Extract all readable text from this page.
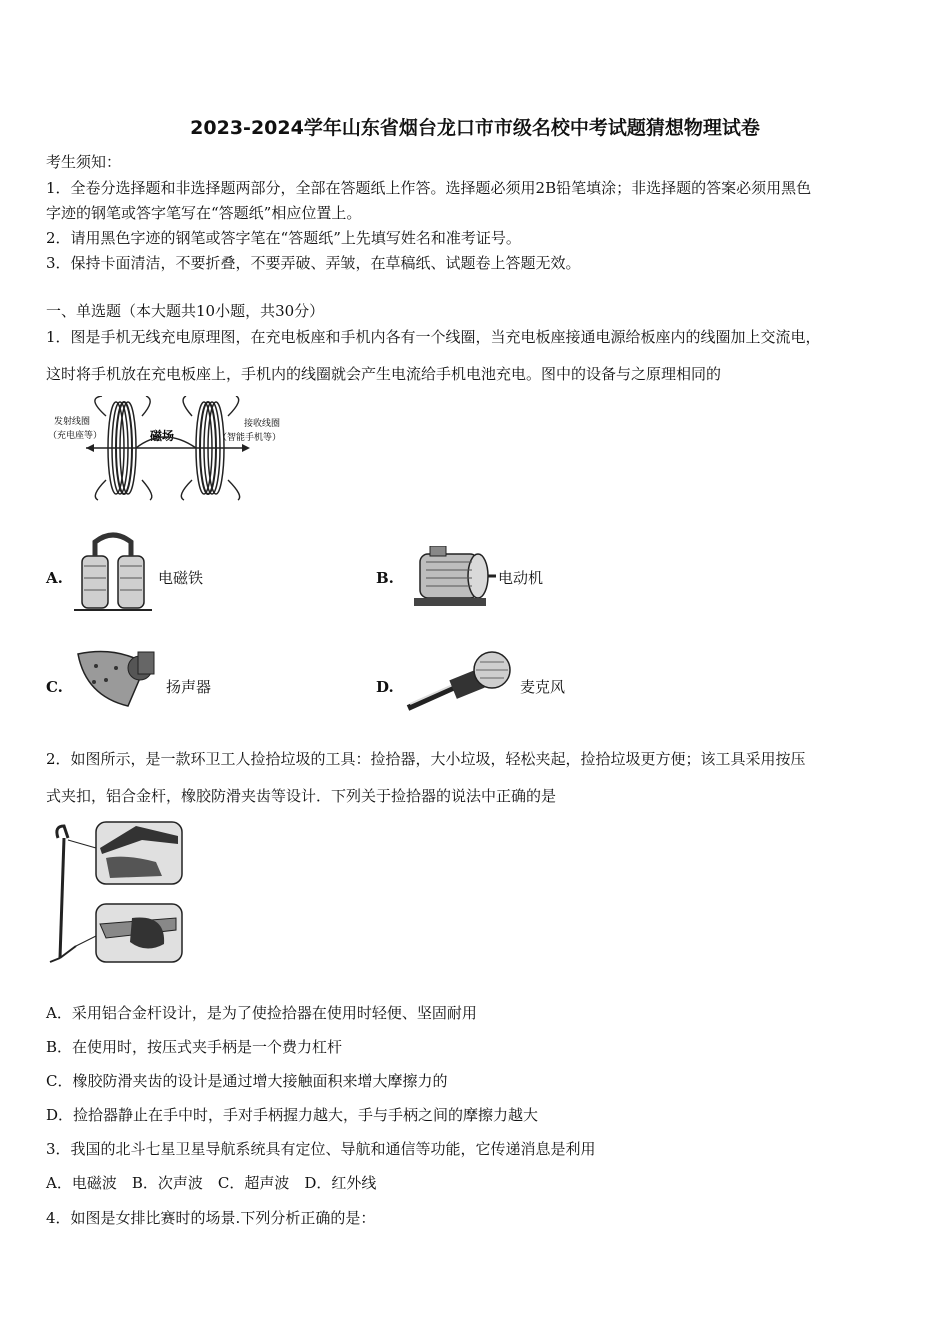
2023-2024学年山东省烟台龙口市市级名校中考试题猜想物理试卷
考生须知：
1．全卷分选择题和非选择题两部分，全部在答题纸上作答。选择题必须用2B铅笔填涂；非选择题的答案必须用黑色
字迹的钢笔或答字笔写在“答题纸”相应位置上。
2．请用黑色字迹的钢笔或答字笔在“答题纸”上先填写姓名和准考证号。
3．保持卡面清洁，不要折叠，不要弄破、弄皱，在草稿纸、试题卷上答题无效。
一、单选题（本大题共10小题，共30分）
1．图是手机无线充电原理图，在充电板座和手机内各有一个线圈，当充电板座接通电源给板座内的线圈加上交流电，
这时将手机放在充电板座上，手机内的线圈就会产生电流给手机电池充电。图中的设备与之原理相同的
发射线圈
（充电座等）
接收线圈
（智能手机等）
磁场
A.	电磁铁	B.	电动机
C.	扬声器	D.	麦克风
2．如图所示，是一款环卫工人捡拾垃圾的工具：捡拾器，大小垃圾，轻松夹起，捡拾垃圾更方便；该工具采用按压
式夹扣，铝合金杆，橡胶防滑夹齿等设计．下列关于捡拾器的说法中正确的是
A．采用铝合金杆设计，是为了使捡拾器在使用时轻便、坚固耐用
B．在使用时，按压式夹手柄是一个费力杠杆
C．橡胶防滑夹齿的设计是通过增大接触面积来增大摩擦力的
D．捡拾器静止在手中时，手对手柄握力越大，手与手柄之间的摩擦力越大
3．我国的北斗七星卫星导航系统具有定位、导航和通信等功能，它传递消息是利用
A．电磁波　B．次声波　C．超声波　D．红外线
4．如图是女排比赛时的场景.下列分析正确的是：
